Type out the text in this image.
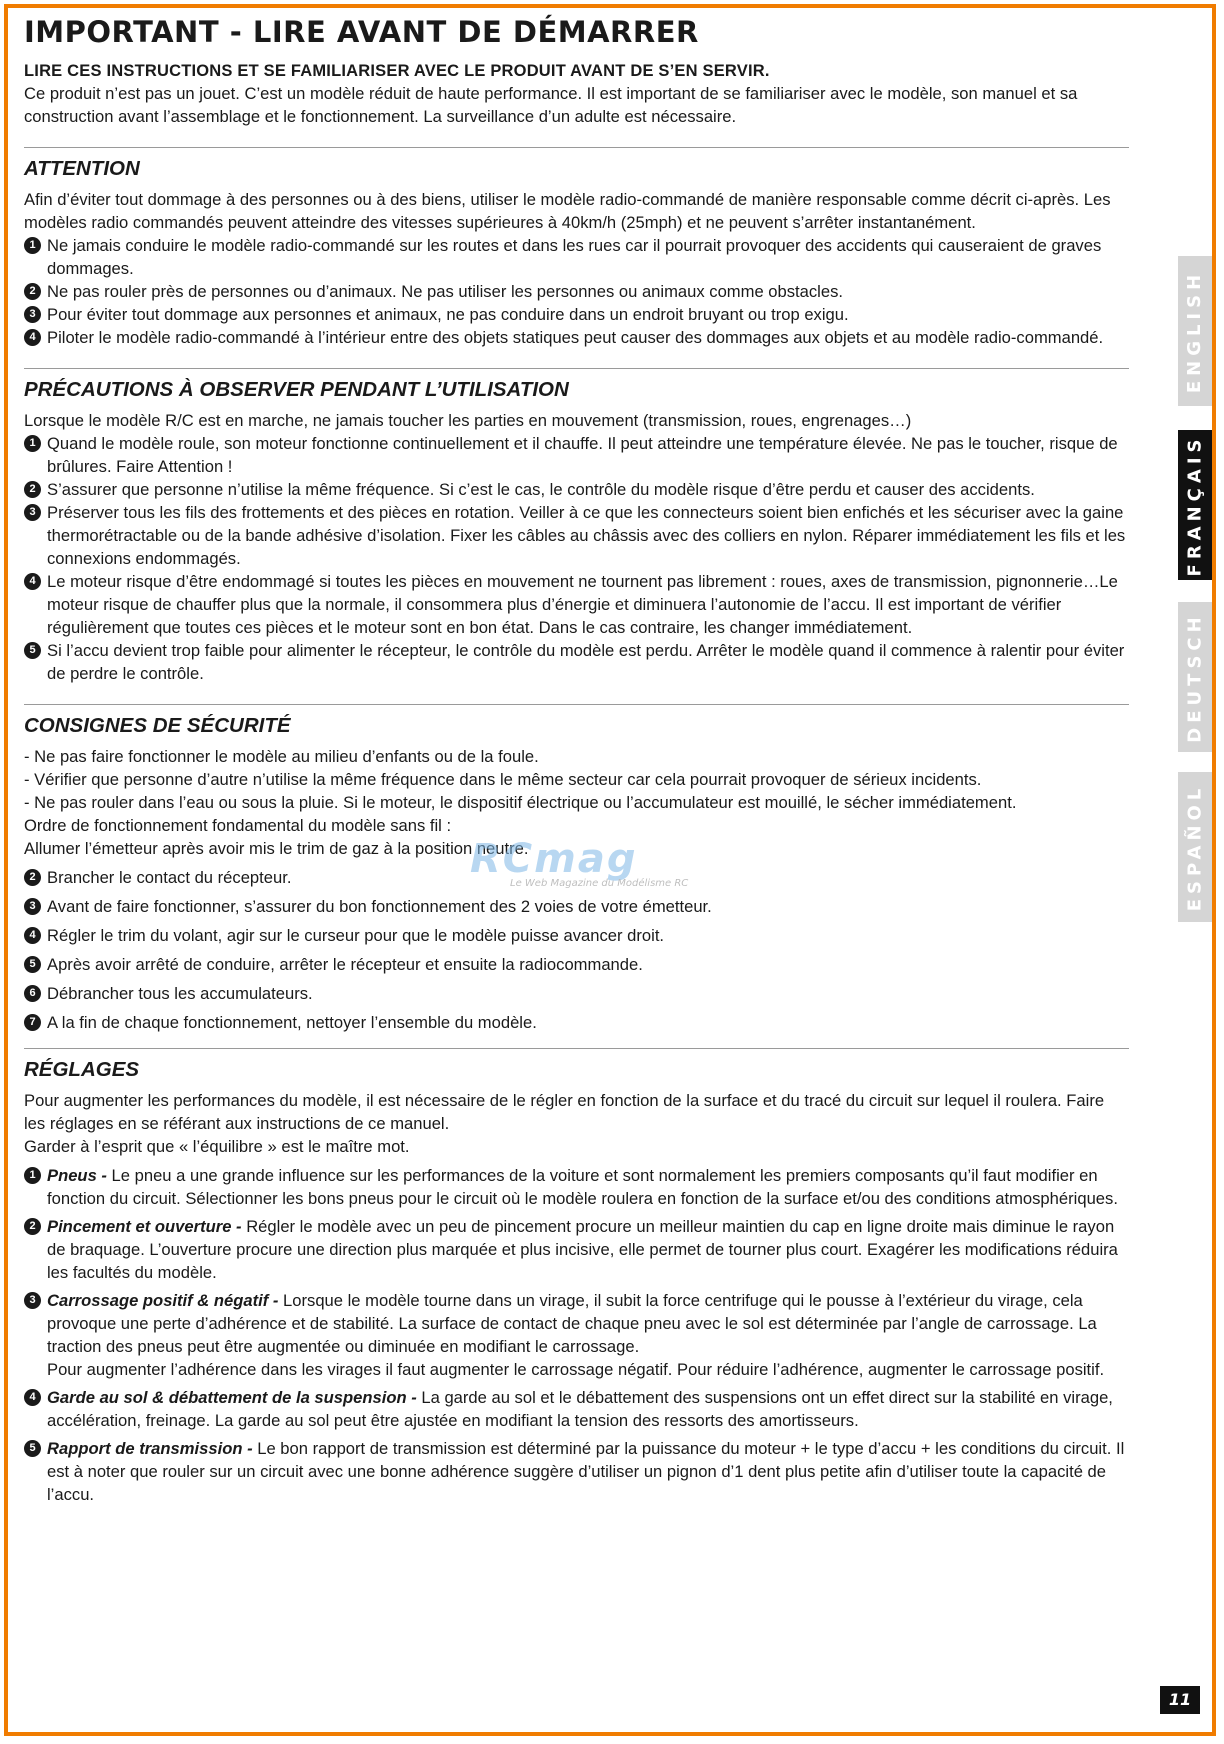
IMPORTANT - LIRE AVANT DE DÉMARRER
LIRE CES INSTRUCTIONS ET SE FAMILIARISER AVEC LE PRODUIT AVANT DE S’EN SERVIR.

Ce produit n’est pas un jouet. C’est un modèle réduit de haute performance. Il est important de se familiariser avec le modèle, son manuel et sa construction avant l’assemblage et le fonctionnement. La surveillance d’un adulte est nécessaire.

ATTENTION

Afin d’éviter tout dommage à des personnes ou à des biens, utiliser le modèle radio-commandé de manière responsable comme décrit ci-après. Les modèles radio commandés peuvent atteindre des vitesses supérieures à 40km/h (25mph) et ne peuvent s’arrêter instantanément.

1 Ne jamais conduire le modèle radio-commandé sur les routes et dans les rues car il pourrait provoquer des accidents qui causeraient de graves dommages.
2 Ne pas rouler près de personnes ou d’animaux. Ne pas utiliser les personnes ou animaux comme obstacles.
3 Pour éviter tout dommage aux personnes et animaux, ne pas conduire dans un endroit bruyant ou trop exigu.
4 Piloter le modèle radio-commandé à l’intérieur entre des objets statiques peut causer des dommages aux objets et au modèle radio-commandé.
PRÉCAUTIONS À OBSERVER PENDANT L’UTILISATION

Lorsque le modèle R/C est en marche, ne jamais toucher les parties en mouvement (transmission, roues, engrenages…)

1 Quand le modèle roule, son moteur fonctionne continuellement et il chauffe. Il peut atteindre une température élevée. Ne pas le toucher, risque de brûlures. Faire Attention !
2 S’assurer que personne n’utilise la même fréquence. Si c’est le cas, le contrôle du modèle risque d’être perdu et causer des accidents.
3 Préserver tous les fils des frottements et des pièces en rotation. Veiller à ce que les connecteurs soient bien enfichés et les sécuriser avec la gaine thermorétractable ou de la bande adhésive d’isolation. Fixer les câbles au châssis avec des colliers en nylon. Réparer immédiatement les fils et les connexions endommagés.
4 Le moteur risque d’être endommagé si toutes les pièces en mouvement ne tournent pas librement : roues, axes de transmission, pignonnerie…Le moteur risque de chauffer plus que la normale, il consommera plus d’énergie et diminuera l’autonomie de l’accu. Il est important de vérifier régulièrement que toutes ces pièces et le moteur sont en bon état. Dans le cas contraire, les changer immédiatement.
5 Si l’accu devient trop faible pour alimenter le récepteur, le contrôle du modèle est perdu. Arrêter le modèle quand il commence à ralentir pour éviter de perdre le contrôle.
CONSIGNES DE SÉCURITÉ
- Ne pas faire fonctionner le modèle au milieu d’enfants ou de la foule.
- Vérifier que personne d’autre n’utilise la même fréquence dans le même secteur car cela pourrait provoquer de sérieux incidents.
- Ne pas rouler dans l’eau ou sous la pluie. Si le moteur, le dispositif électrique ou l’accumulateur est mouillé, le sécher immédiatement.

Ordre de fonctionnement fondamental du modèle sans fil :

Allumer l’émetteur après avoir mis le trim de gaz à la position neutre.
2 Brancher le contact du récepteur.
3 Avant de faire fonctionner, s’assurer du bon fonctionnement des 2 voies de votre émetteur.
4 Régler le trim du volant, agir sur le curseur pour que le modèle puisse avancer droit.
5 Après avoir arrêté de conduire, arrêter le récepteur et ensuite la radiocommande.
6 Débrancher tous les accumulateurs.
7 A la fin de chaque fonctionnement, nettoyer l’ensemble du modèle.
RÉGLAGES

Pour augmenter les performances du modèle, il est nécessaire de le régler en fonction de la surface et du tracé du circuit sur lequel il roulera. Faire les réglages en se référant aux instructions de ce manuel.

Garder à l’esprit que « l’équilibre » est le maître mot.

1 Pneus - Le pneu a une grande influence sur les performances de la voiture et sont normalement les premiers composants qu’il faut modifier en fonction du circuit. Sélectionner les bons pneus pour le circuit où le modèle roulera en fonction de la surface et/ou des conditions atmosphériques.
2 Pincement et ouverture - Régler le modèle avec un peu de pincement procure un meilleur maintien du cap en ligne droite mais diminue le rayon de braquage. L’ouverture procure une direction plus marquée et plus incisive, elle permet de tourner plus court. Exagérer les modifications réduira les facultés du modèle.
3 Carrossage positif & négatif - Lorsque le modèle tourne dans un virage, il subit la force centrifuge qui le pousse à l’extérieur du virage, cela provoque une perte d’adhérence et de stabilité. La surface de contact de chaque pneu avec le sol est déterminée par l’angle de carrossage. La traction des pneus peut être augmentée ou diminuée en modifiant le carrossage.
Pour augmenter l’adhérence dans les virages il faut augmenter le carrossage négatif. Pour réduire l’adhérence, augmenter le carrossage positif.
4 Garde au sol & débattement de la suspension - La garde au sol et le débattement des suspensions ont un effet direct sur la stabilité en virage, accélération, freinage. La garde au sol peut être ajustée en modifiant la tension des ressorts des amortisseurs.
5 Rapport de transmission - Le bon rapport de transmission est déterminé par la puissance du moteur + le type d’accu + les conditions du circuit. Il est à noter que rouler sur un circuit avec une bonne adhérence suggère d’utiliser un pignon d’1 dent plus petite afin d’utiliser toute la capacité de l’accu.
RCmag
Le Web Magazine du Modélisme RC
ENGLISH
FRANÇAIS
DEUTSCH
ESPAÑOL
11
